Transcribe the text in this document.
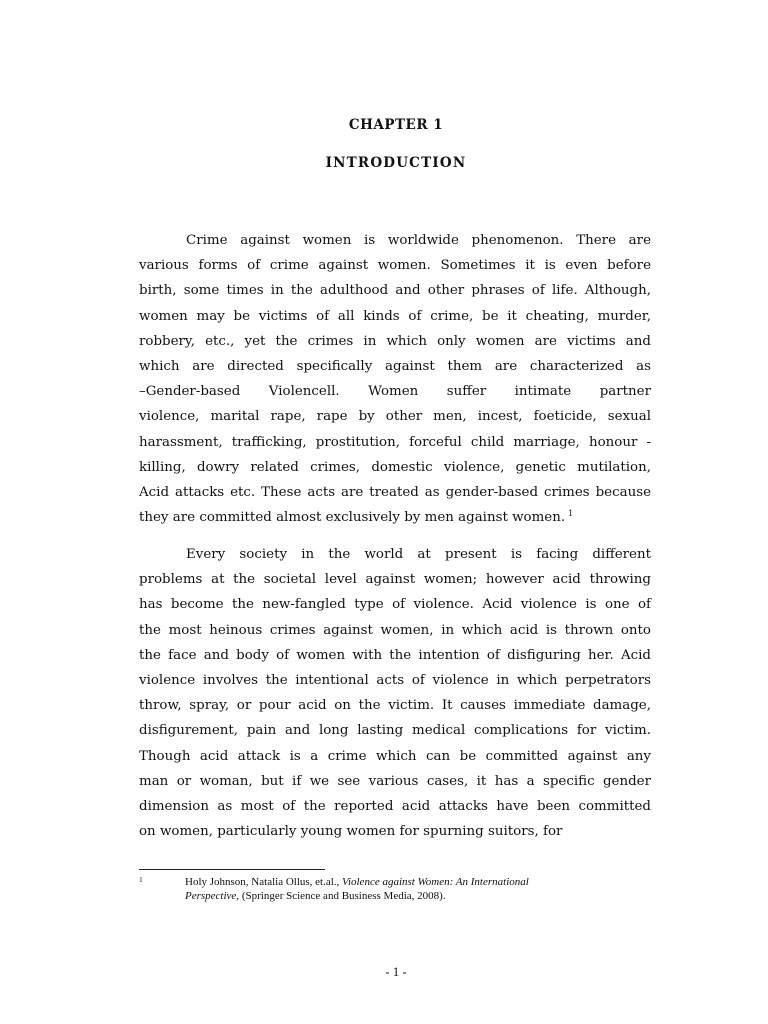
CHAPTER 1
INTRODUCTION
Crime against women is worldwide phenomenon. There are
various forms of crime against women. Sometimes it is even before
birth, some times in the adulthood and other phrases of life. Although,
women may be victims of all kinds of crime, be it cheating, murder,
robbery, etc., yet the crimes in which only women are victims and
which are directed specifically against them are characterized as
–Gender-based Violencell. Women suffer intimate partner
violence, marital rape, rape by other men, incest, foeticide, sexual
harassment, trafficking, prostitution, forceful child marriage, honour -
killing, dowry related crimes, domestic violence, genetic mutilation,
Acid attacks etc. These acts are treated as gender-based crimes because
they are committed almost exclusively by men against women. $^1$
Every society in the world at present is facing different
problems at the societal level against women; however acid throwing
has become the new-fangled type of violence. Acid violence is one of
the most heinous crimes against women, in which acid is thrown onto
the face and body of women with the intention of disfiguring her. Acid
violence involves the intentional acts of violence in which perpetrators
throw, spray, or pour acid on the victim. It causes immediate damage,
disfigurement, pain and long lasting medical complications for victim.
Though acid attack is a crime which can be committed against any
man or woman, but if we see various cases, it has a specific gender
dimension as most of the reported acid attacks have been committed
on women, particularly young women for spurning suitors, for
1	Holy Johnson, Natalia Ollus, et.al., Violence against Women: An International
Perspective, (Springer Science and Business Media, 2008).
- 1 -
